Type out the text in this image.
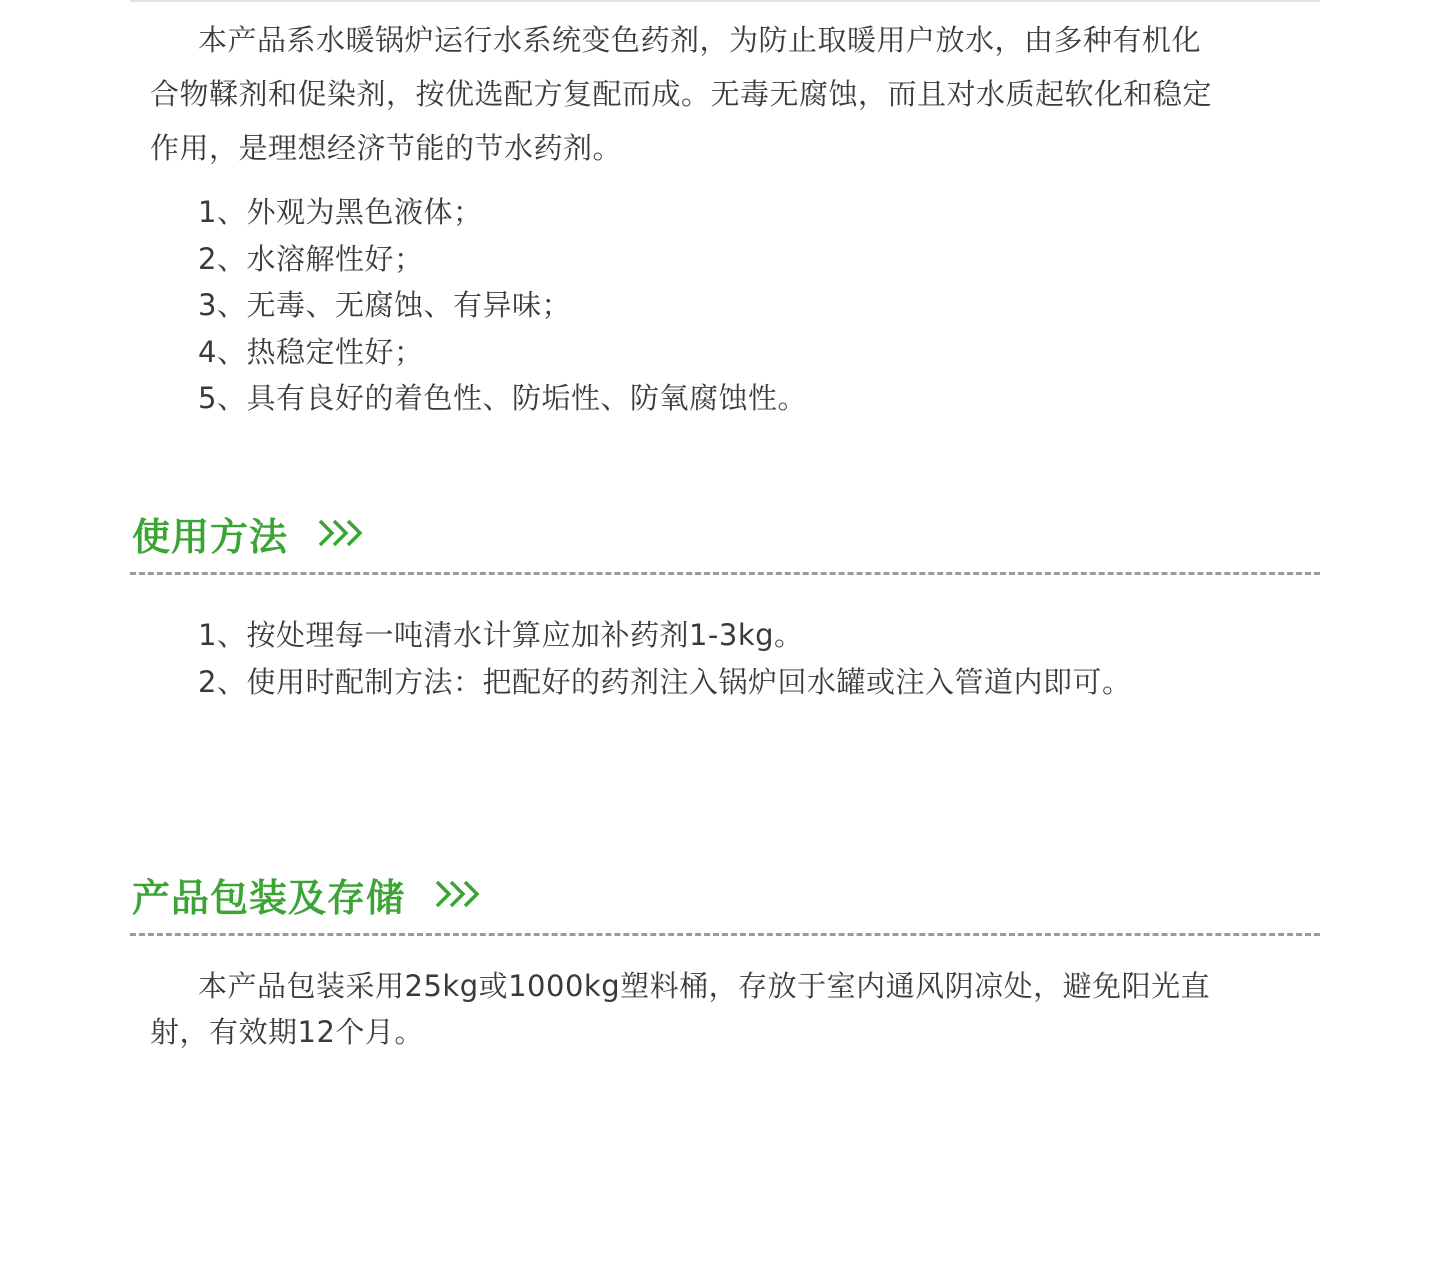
本产品系水暖锅炉运行水系统变色药剂，为防止取暖用户放水，由多种有机化
合物鞣剂和促染剂，按优选配方复配而成。无毒无腐蚀，而且对水质起软化和稳定
作用，是理想经济节能的节水药剂。
1、外观为黑色液体；
2、水溶解性好；
3、无毒、无腐蚀、有异味；
4、热稳定性好；
5、具有良好的着色性、防垢性、防氧腐蚀性。
使用方法
1、按处理每一吨清水计算应加补药剂1-3kg。
2、使用时配制方法：把配好的药剂注入锅炉回水罐或注入管道内即可。
产品包装及存储
本产品包装采用25kg或1000kg塑料桶，存放于室内通风阴凉处，避免阳光直
射，有效期12个月。
